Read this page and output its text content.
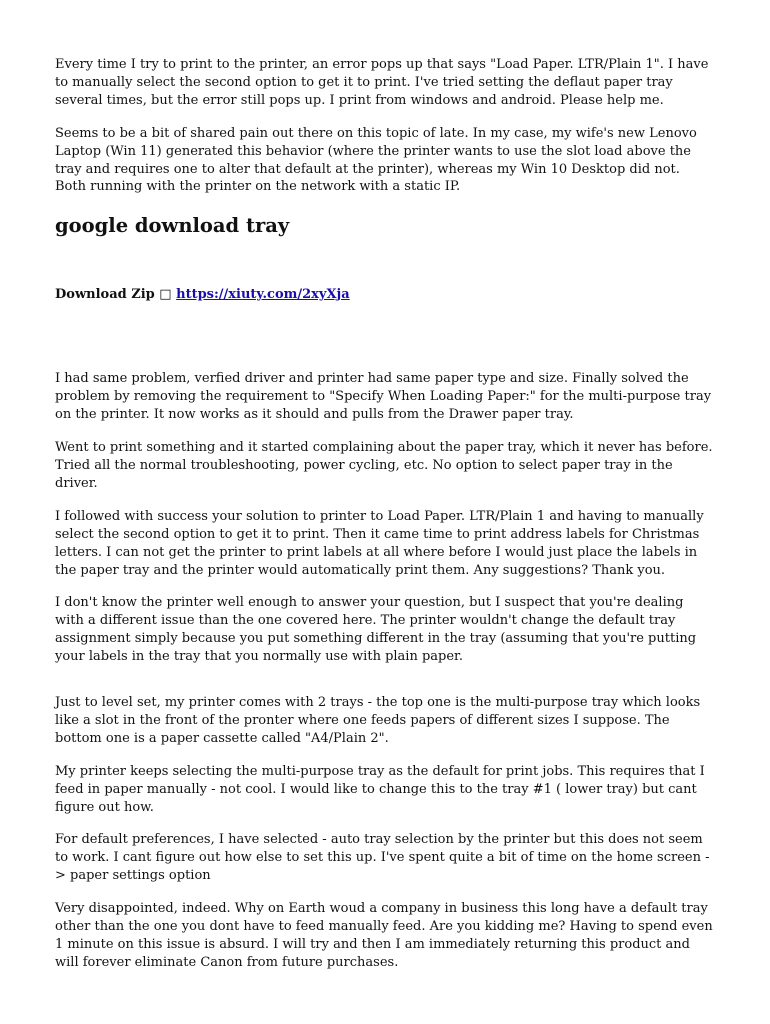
Every time I try to print to the printer, an error pops up that says "Load Paper. LTR/Plain 1". I have to manually select the second option to get it to print. I've tried setting the deflaut paper tray several times, but the error still pops up. I print from windows and android. Please help me.

Seems to be a bit of shared pain out there on this topic of late. In my case, my wife's new Lenovo Laptop (Win 11) generated this behavior (where the printer wants to use the slot load above the tray and requires one to alter that default at the printer), whereas my Win 10 Desktop did not. Both running with the printer on the network with a static IP.

google download tray
Download Zip □ https://xiuty.com/2xyXja

I had same problem, verfied driver and printer had same paper type and size. Finally solved the problem by removing the requirement to "Specify When Loading Paper:" for the multi-purpose tray on the printer. It now works as it should and pulls from the Drawer paper tray.

Went to print something and it started complaining about the paper tray, which it never has before. Tried all the normal troubleshooting, power cycling, etc. No option to select paper tray in the driver.

I followed with success your solution to printer to Load Paper. LTR/Plain 1 and having to manually select the second option to get it to print. Then it came time to print address labels for Christmas letters. I can not get the printer to print labels at all where before I would just place the labels in the paper tray and the printer would automatically print them. Any suggestions? Thank you.

I don't know the printer well enough to answer your question, but I suspect that you're dealing with a different issue than the one covered here. The printer wouldn't change the default tray assignment simply because you put something different in the tray (assuming that you're putting your labels in the tray that you normally use with plain paper.

Just to level set, my printer comes with 2 trays - the top one is the multi-purpose tray which looks like a slot in the front of the pronter where one feeds papers of different sizes I suppose. The bottom one is a paper cassette called "A4/Plain 2".

My printer keeps selecting the multi-purpose tray as the default for print jobs. This requires that I feed in paper manually - not cool. I would like to change this to the tray #1 ( lower tray) but cant figure out how.

For default preferences, I have selected - auto tray selection by the printer but this does not seem to work. I cant figure out how else to set this up. I've spent quite a bit of time on the home screen -> paper settings option

Very disappointed, indeed. Why on Earth woud a company in business this long have a default tray other than the one you dont have to feed manually feed. Are you kidding me? Having to spend even 1 minute on this issue is absurd. I will try and then I am immediately returning this product and will forever eliminate Canon from future purchases.
